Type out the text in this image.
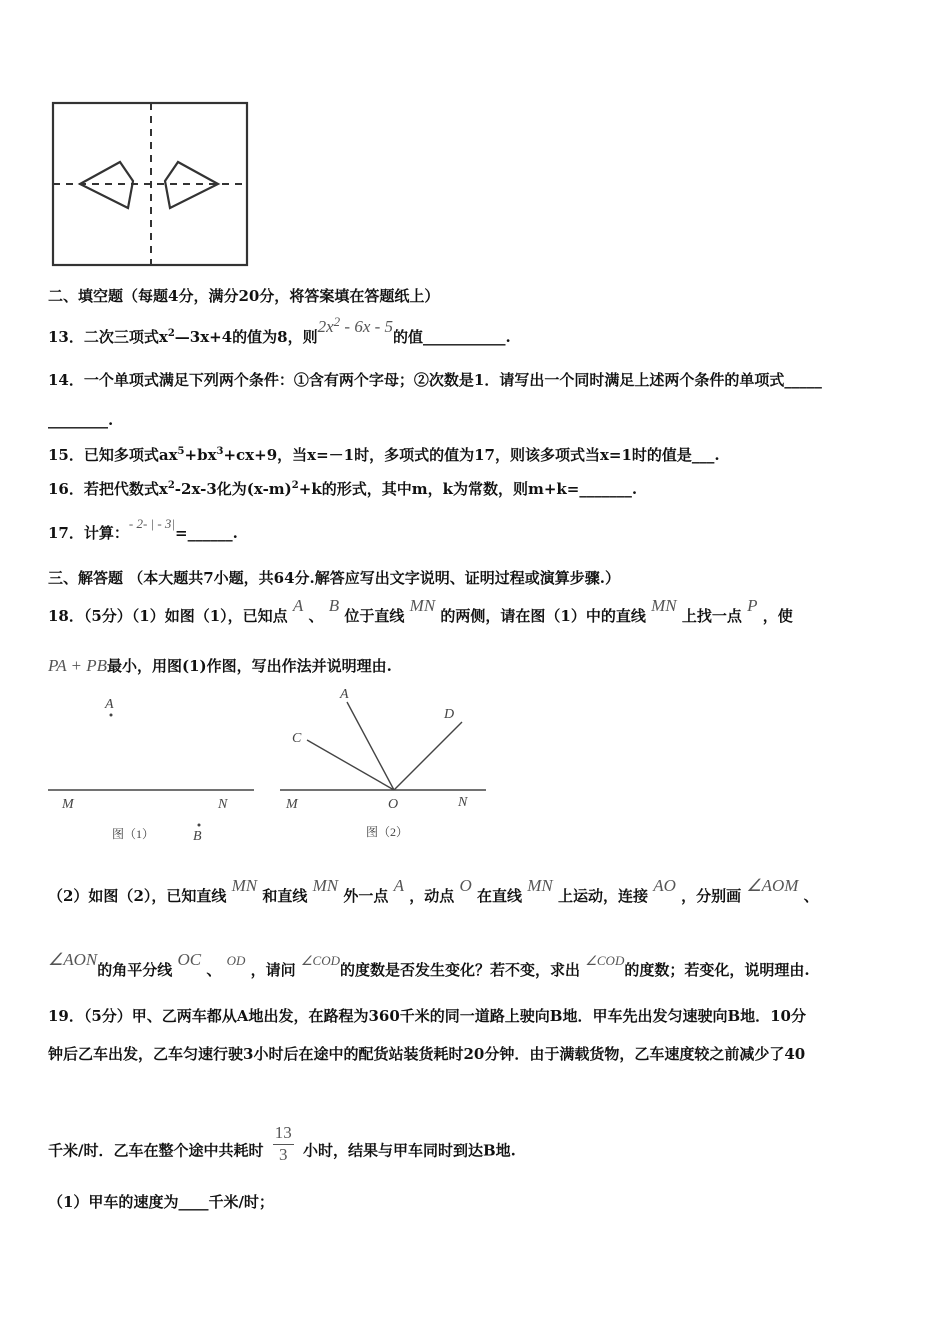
二、填空题（每题4分，满分20分，将答案填在答题纸上）
13．二次三项式$x^2—3x+4$的值为8，则$2x^2 - 6x - 5$的值___________.
14．一个单项式满足下列两个条件：①含有两个字母；②次数是1．请写出一个同时满足上述两个条件的单项式_____
________.
15．已知多项式$ax^5+bx^3+cx+9$，当x=－1时，多项式的值为17，则该多项式当x=1时的值是___.
16．若把代数式$x^2-2x-3$化为$(x-m)^2+k$的形式，其中m，k为常数，则m+k=_______.
17．计算：- 2- | - 3|=______.
三、解答题 （本大题共7小题，共64分.解答应写出文字说明、证明过程或演算步骤.）
18．（5分）（1）如图（1），已知点 A 、 B 位于直线 MN 的两侧，请在图（1）中的直线 MN 上找一点 P ，使
PA + PB最小，用图(1)作图，写出作法并说明理由.
A
M	N
图（1）	B
A
C
D
M	O	N
图（2）
（2）如图（2），已知直线 MN 和直线 MN 外一点 A ，动点 O 在直线 MN 上运动，连接 AO ，分别画 ∠AOM 、
∠AON的角平分线 OC 、 OD ，请问 ∠COD的度数是否发生变化？若不变，求出 ∠COD的度数；若变化，说明理由.
19．（5分）甲、乙两车都从A地出发，在路程为360千米的同一道路上驶向B地．甲车先出发匀速驶向B地．10分
钟后乙车出发，乙车匀速行驶3小时后在途中的配货站装货耗时20分钟．由于满载货物，乙车速度较之前减少了40
千米/时．乙车在整个途中共耗时 $\frac{13}{3}$ 小时，结果与甲车同时到达B地.
（1）甲车的速度为____千米/时；
